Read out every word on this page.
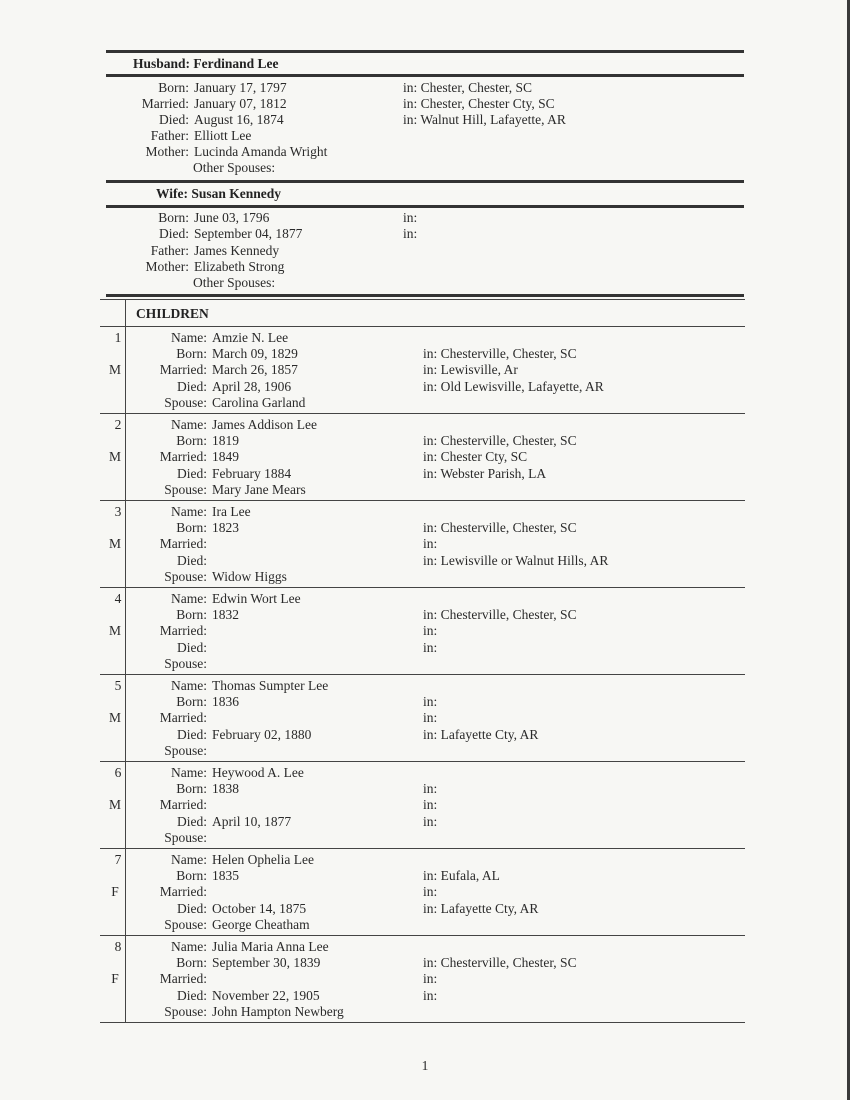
Husband: Ferdinand Lee
Born: January 17, 1797	in: Chester, Chester, SC
Married: January 07, 1812	in: Chester, Chester Cty, SC
Died: August 16, 1874	in: Walnut Hill, Lafayette, AR
Father: Elliott Lee
Mother: Lucinda Amanda Wright
Other Spouses:
Wife: Susan Kennedy
Born: June 03, 1796	in:
Died: September 04, 1877	in:
Father: James Kennedy
Mother: Elizabeth Strong
Other Spouses:
CHILDREN
1
M
Name: Amzie N. Lee
Born: March 09, 1829	in: Chesterville, Chester, SC
Married: March 26, 1857	in: Lewisville, Ar
Died: April 28, 1906	in: Old Lewisville, Lafayette, AR
Spouse: Carolina Garland
2
M
Name: James Addison Lee
Born: 1819	in: Chesterville, Chester, SC
Married: 1849	in: Chester Cty, SC
Died: February 1884	in: Webster Parish, LA
Spouse: Mary Jane Mears
3
M
Name: Ira Lee
Born: 1823	in: Chesterville, Chester, SC
Married:	in:
Died:	in: Lewisville or Walnut Hills, AR
Spouse: Widow Higgs
4
M
Name: Edwin Wort Lee
Born: 1832	in: Chesterville, Chester, SC
Married:	in:
Died:	in:
Spouse:
5
M
Name: Thomas Sumpter Lee
Born: 1836	in:
Married:	in:
Died: February 02, 1880	in: Lafayette Cty, AR
Spouse:
6
M
Name: Heywood A. Lee
Born: 1838	in:
Married:	in:
Died: April 10, 1877	in:
Spouse:
7
F
Name: Helen Ophelia Lee
Born: 1835	in: Eufala, AL
Married:	in:
Died: October 14, 1875	in: Lafayette Cty, AR
Spouse: George Cheatham
8
F
Name: Julia Maria Anna Lee
Born: September 30, 1839	in: Chesterville, Chester, SC
Married:	in:
Died: November 22, 1905	in:
Spouse: John Hampton Newberg
1
